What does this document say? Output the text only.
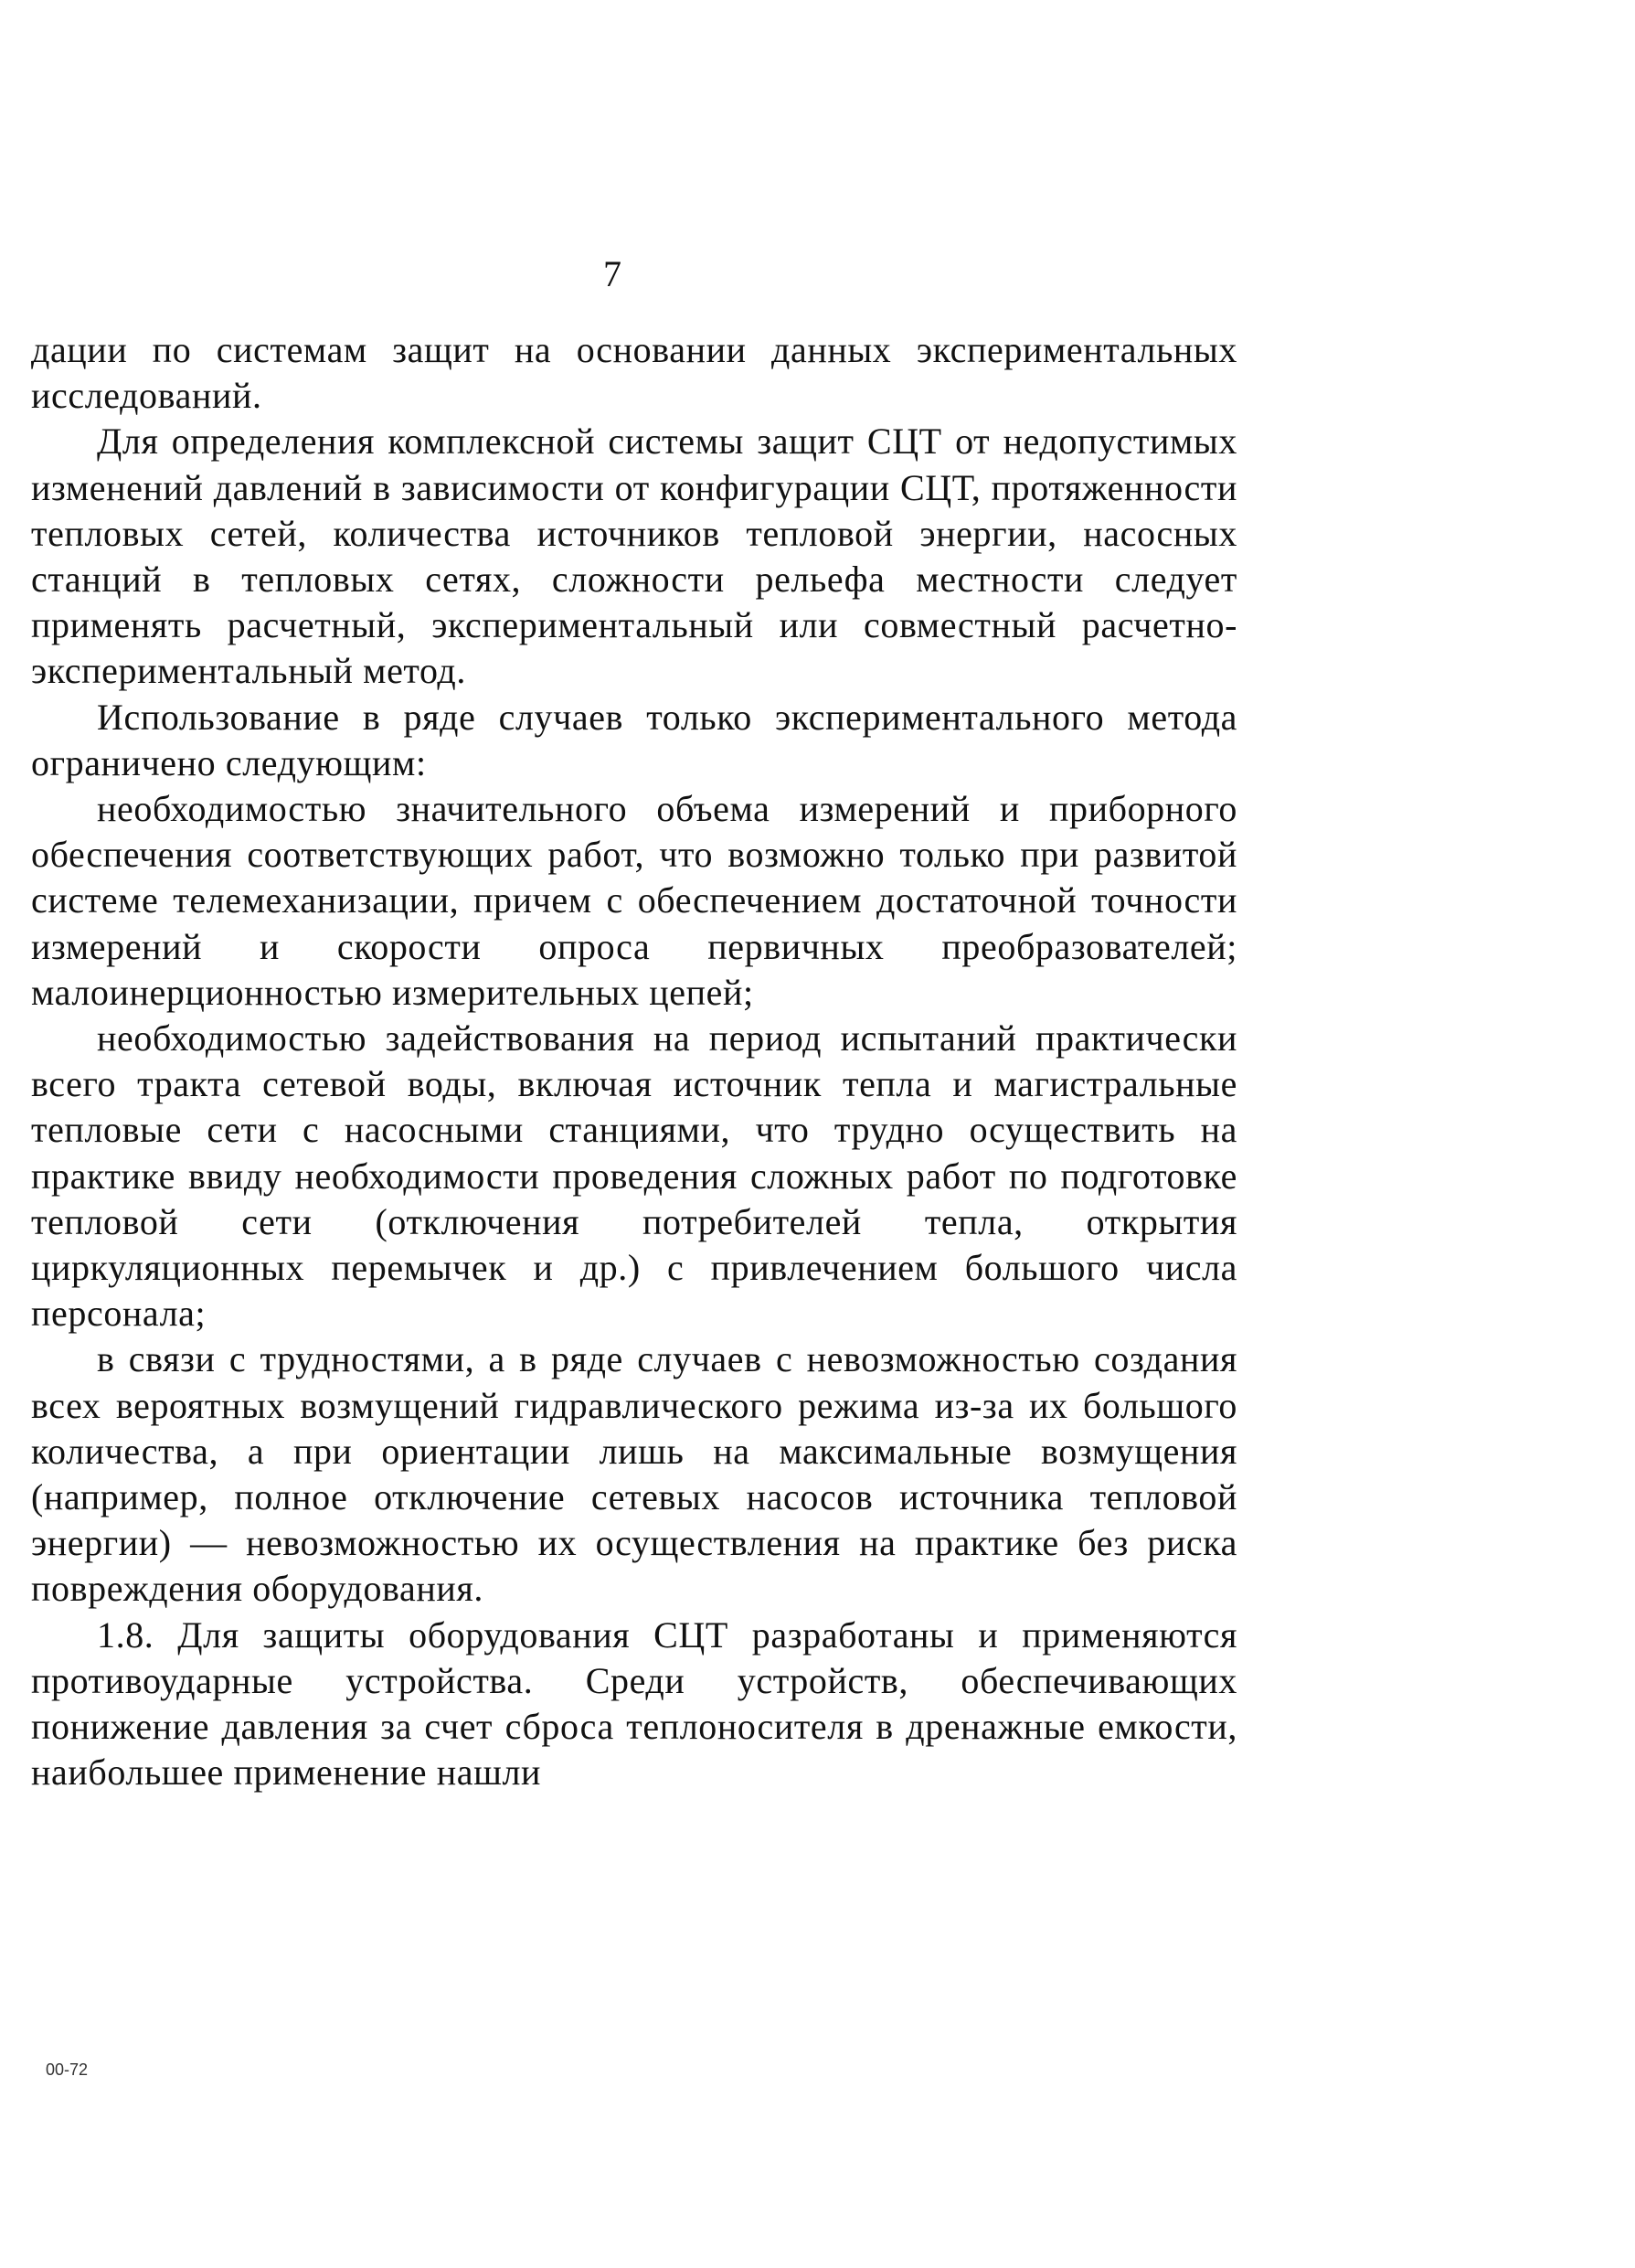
7

дации по системам защит на основании данных экспериментальных исследований.

Для определения комплексной системы защит СЦТ от недопустимых изменений давлений в зависимости от конфигурации СЦТ, протяженности тепловых сетей, количества источников тепловой энергии, насосных станций в тепловых сетях, сложности рельефа местности следует применять расчетный, экспериментальный или совместный расчетно-экспериментальный метод.

Использование в ряде случаев только экспериментального метода ограничено следующим:

необходимостью значительного объема измерений и приборного обеспечения соответствующих работ, что возможно только при развитой системе телемеханизации, причем с обеспечением достаточной точности измерений и скорости опроса первичных преобразователей; малоинерционностью измерительных цепей;

необходимостью задействования на период испытаний практически всего тракта сетевой воды, включая источник тепла и магистральные тепловые сети с насосными станциями, что трудно осуществить на практике ввиду необходимости проведения сложных работ по подготовке тепловой сети (отключения потребителей тепла, открытия циркуляционных перемычек и др.) с привлечением большого числа персонала;

в связи с трудностями, а в ряде случаев с невозможностью создания всех вероятных возмущений гидравлического режима из-за их большого количества, а при ориентации лишь на максимальные возмущения (например, полное отключение сетевых насосов источника тепловой энергии) — невозможностью их осуществления на практике без риска повреждения оборудования.

1.8. Для защиты оборудования СЦТ разработаны и применяются противоударные устройства. Среди устройств, обеспечивающих понижение давления за счет сброса теплоносителя в дренажные емкости, наибольшее применение нашли

00-72
